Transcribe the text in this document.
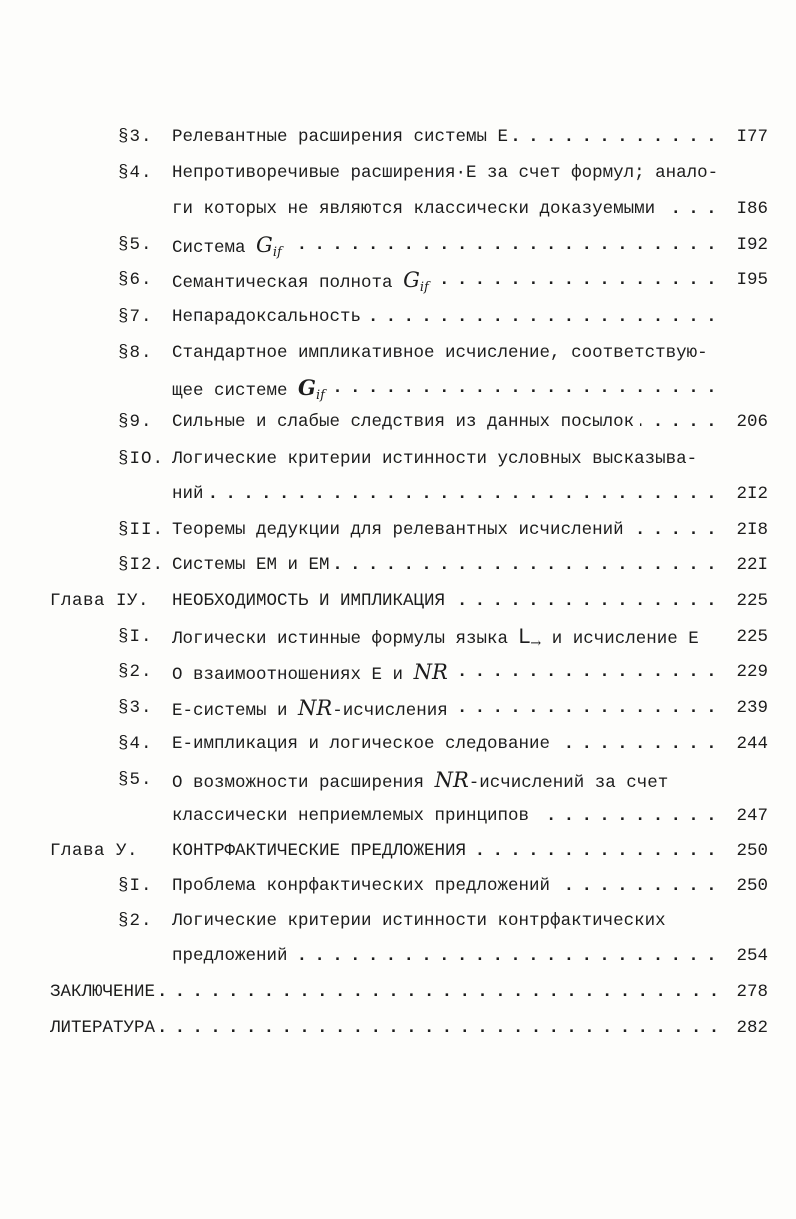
§3. Релевантные расширения системы Е . . .	I77
§4. Непротиворечивые расширения·Е за счет формул; анало-
ги которых не являются классически доказуемыми . . .	I86
§5. Система $G_{if}$ . . .	I92
§6. Семантическая полнота $G_{if}$ . . .	I95
§7. Непарадоксальность . . .
§8. Стандартное импликативное исчисление, соответствую-
щее системе $G_{if}$ . . .
§9. Сильные и слабые следствия из данных посылок . . .	206
§IO. Логические критерии истинности условных высказыва-
ний . . .	2I2
§II. Теоремы дедукции для релевантных исчислений . . .	2I8
§I2. Системы ЕМ и ЕМ . . .	22I
Глава IУ. НЕОБХОДИМОСТЬ И ИМПЛИКАЦИЯ . . .	225
§I. Логически истинные формулы языка $L_\to$ и исчисление Е	225
§2. О взаимоотношениях Е и NR . . .	229
§3. Е-системы и NR-исчисления . . .	239
§4. Е-импликация и логическое следование . . .	244
§5. О возможности расширения NR-исчислений за счет
классически неприемлемых принципов . . .	247
Глава У. КОНТРФАКТИЧЕСКИЕ ПРЕДЛОЖЕНИЯ . . .	250
§I. Проблема конрфактических предложений . . .	250
§2. Логические критерии истинности контрфактических
предложений . . .	254
ЗАКЛЮЧЕНИЕ . . .	278
ЛИТЕРАТУРА . . .	282
